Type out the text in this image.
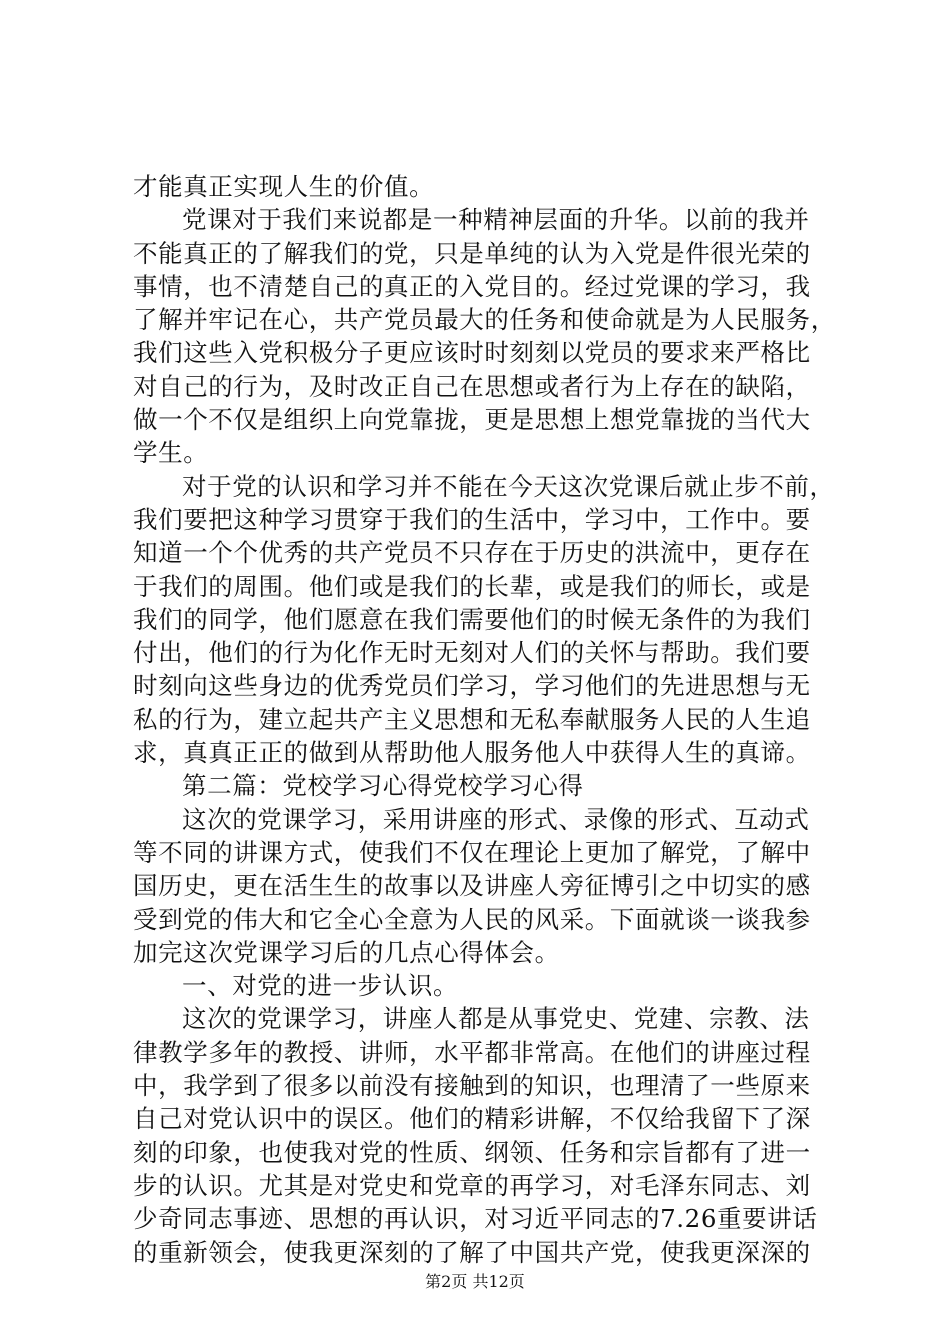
才能真正实现人生的价值。
党课对于我们来说都是一种精神层面的升华。以前的我并
不能真正的了解我们的党，只是单纯的认为入党是件很光荣的
事情，也不清楚自己的真正的入党目的。经过党课的学习，我
了解并牢记在心，共产党员最大的任务和使命就是为人民服务，
我们这些入党积极分子更应该时时刻刻以党员的要求来严格比
对自己的行为，及时改正自己在思想或者行为上存在的缺陷，
做一个不仅是组织上向党靠拢，更是思想上想党靠拢的当代大
学生。
对于党的认识和学习并不能在今天这次党课后就止步不前，
我们要把这种学习贯穿于我们的生活中，学习中，工作中。要
知道一个个优秀的共产党员不只存在于历史的洪流中，更存在
于我们的周围。他们或是我们的长辈，或是我们的师长，或是
我们的同学，他们愿意在我们需要他们的时候无条件的为我们
付出，他们的行为化作无时无刻对人们的关怀与帮助。我们要
时刻向这些身边的优秀党员们学习，学习他们的先进思想与无
私的行为，建立起共产主义思想和无私奉献服务人民的人生追
求，真真正正的做到从帮助他人服务他人中获得人生的真谛。
第二篇：党校学习心得党校学习心得
这次的党课学习，采用讲座的形式、录像的形式、互动式
等不同的讲课方式，使我们不仅在理论上更加了解党，了解中
国历史，更在活生生的故事以及讲座人旁征博引之中切实的感
受到党的伟大和它全心全意为人民的风采。下面就谈一谈我参
加完这次党课学习后的几点心得体会。
一、对党的进一步认识。
这次的党课学习，讲座人都是从事党史、党建、宗教、法
律教学多年的教授、讲师，水平都非常高。在他们的讲座过程
中，我学到了很多以前没有接触到的知识，也理清了一些原来
自己对党认识中的误区。他们的精彩讲解，不仅给我留下了深
刻的印象，也使我对党的性质、纲领、任务和宗旨都有了进一
步的认识。尤其是对党史和党章的再学习，对毛泽东同志、刘
少奇同志事迹、思想的再认识，对习近平同志的7.26重要讲话
的重新领会，使我更深刻的了解了中国共产党，使我更深深的
第2页 共12页
